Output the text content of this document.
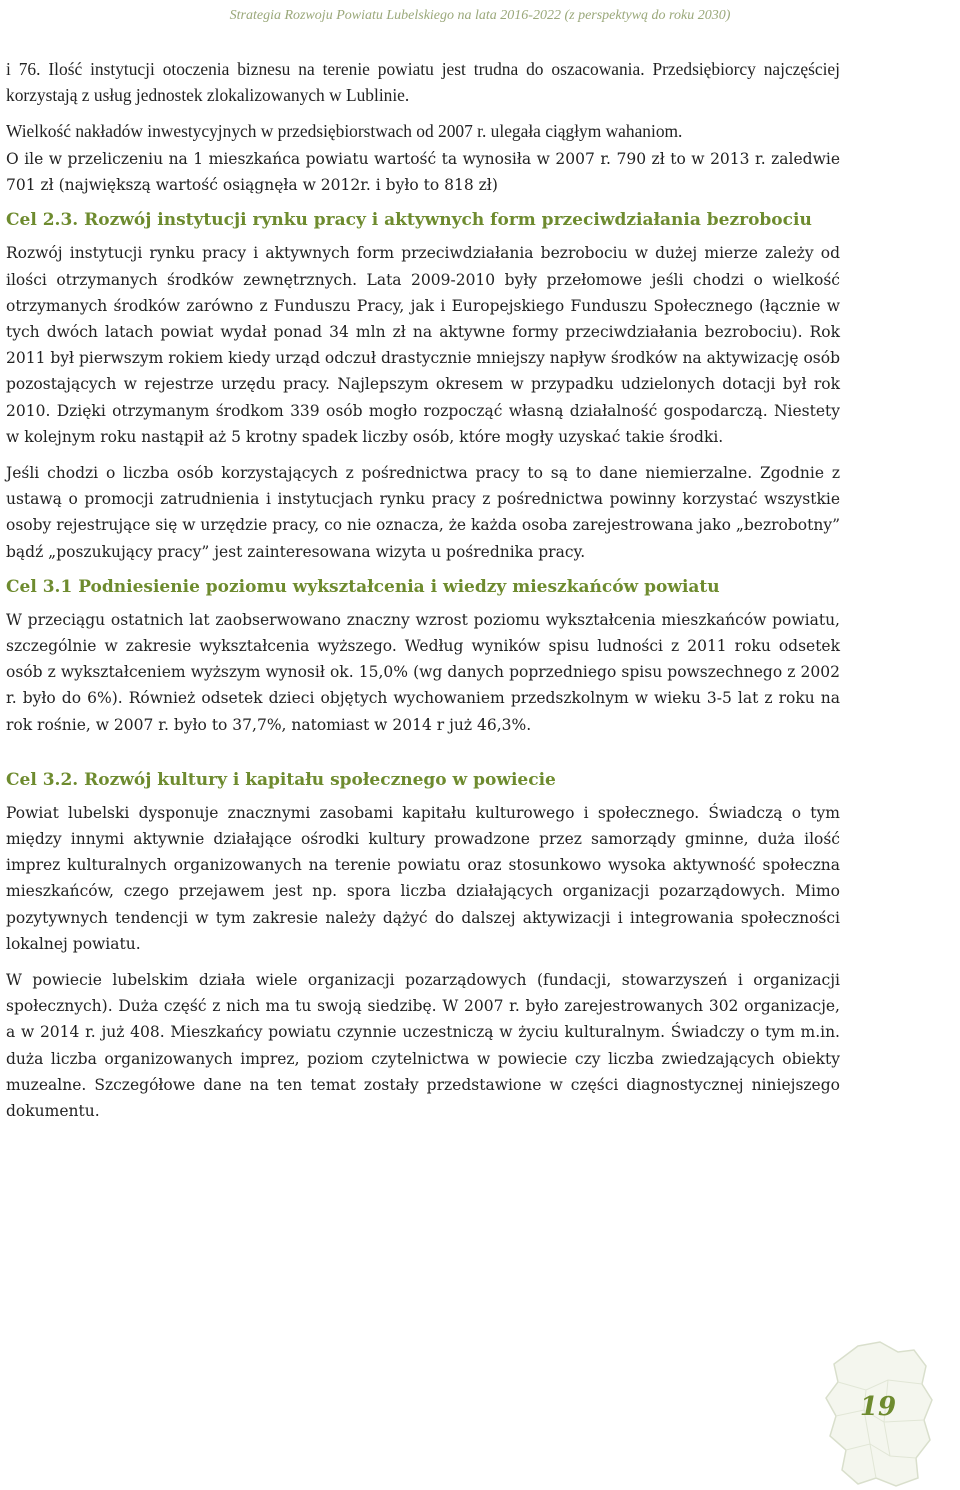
Strategia Rozwoju Powiatu Lubelskiego na lata 2016-2022 (z perspektywą do roku 2030)

i 76. Ilość instytucji otoczenia biznesu na terenie powiatu jest trudna do oszacowania. Przedsiębiorcy najczęściej korzystają z usług jednostek zlokalizowanych w Lublinie.

Wielkość nakładów inwestycyjnych w przedsiębiorstwach od 2007 r. ulegała ciągłym wahaniom.

O ile w przeliczeniu na 1 mieszkańca powiatu wartość ta wynosiła w 2007 r. 790 zł to w 2013 r. zaledwie 701 zł (największą wartość osiągnęła w 2012r. i było to 818 zł)

Cel 2.3. Rozwój instytucji rynku pracy i aktywnych form przeciwdziałania bezrobociu

Rozwój instytucji rynku pracy i aktywnych form przeciwdziałania bezrobociu w dużej mierze zależy od ilości otrzymanych środków zewnętrznych. Lata 2009-2010 były przełomowe jeśli chodzi o wielkość otrzymanych środków zarówno z Funduszu Pracy, jak i Europejskiego Funduszu Społecznego (łącznie w tych dwóch latach powiat wydał ponad 34 mln zł na aktywne formy przeciwdziałania bezrobociu). Rok 2011 był pierwszym rokiem kiedy urząd odczuł drastycznie mniejszy napływ środków na aktywizację osób pozostających w rejestrze urzędu pracy. Najlepszym okresem w przypadku udzielonych dotacji był rok 2010. Dzięki otrzymanym środkom 339 osób mogło rozpocząć własną działalność gospodarczą. Niestety w kolejnym roku nastąpił aż 5 krotny spadek liczby osób, które mogły uzyskać takie środki.

Jeśli chodzi o liczba osób korzystających z pośrednictwa pracy to są to dane niemierzalne. Zgodnie z ustawą o promocji zatrudnienia i instytucjach rynku pracy z pośrednictwa powinny korzystać wszystkie osoby rejestrujące się w urzędzie pracy, co nie oznacza, że każda osoba zarejestrowana jako „bezrobotny” bądź „poszukujący pracy” jest zainteresowana wizyta u pośrednika pracy.

Cel 3.1 Podniesienie poziomu wykształcenia i wiedzy mieszkańców powiatu

W przeciągu ostatnich lat zaobserwowano znaczny wzrost poziomu wykształcenia mieszkańców powiatu, szczególnie w zakresie wykształcenia wyższego. Według wyników spisu ludności z 2011 roku odsetek osób z wykształceniem wyższym wynosił ok. 15,0% (wg danych poprzedniego spisu powszechnego z 2002 r. było do 6%). Również odsetek dzieci objętych wychowaniem przedszkolnym w wieku 3-5 lat z roku na rok rośnie, w 2007 r. było to 37,7%, natomiast w 2014 r już 46,3%.

Cel 3.2. Rozwój kultury i kapitału społecznego w powiecie

Powiat lubelski dysponuje znacznymi zasobami kapitału kulturowego i społecznego. Świadczą o tym między innymi aktywnie działające ośrodki kultury prowadzone przez samorządy gminne, duża ilość imprez kulturalnych organizowanych na terenie powiatu oraz stosunkowo wysoka aktywność społeczna mieszkańców, czego przejawem jest np. spora liczba działających organizacji pozarządowych. Mimo pozytywnych tendencji w tym zakresie należy dążyć do dalszej aktywizacji i integrowania społeczności lokalnej powiatu.

W powiecie lubelskim działa wiele organizacji pozarządowych (fundacji, stowarzyszeń i organizacji społecznych). Duża część z nich ma tu swoją siedzibę. W 2007 r. było zarejestrowanych 302 organizacje, a w 2014 r. już 408. Mieszkańcy powiatu czynnie uczestniczą w życiu kulturalnym. Świadczy o tym m.in. duża liczba organizowanych imprez, poziom czytelnictwa w powiecie czy liczba zwiedzających obiekty muzealne. Szczegółowe dane na ten temat zostały przedstawione w części diagnostycznej niniejszego dokumentu.

19
